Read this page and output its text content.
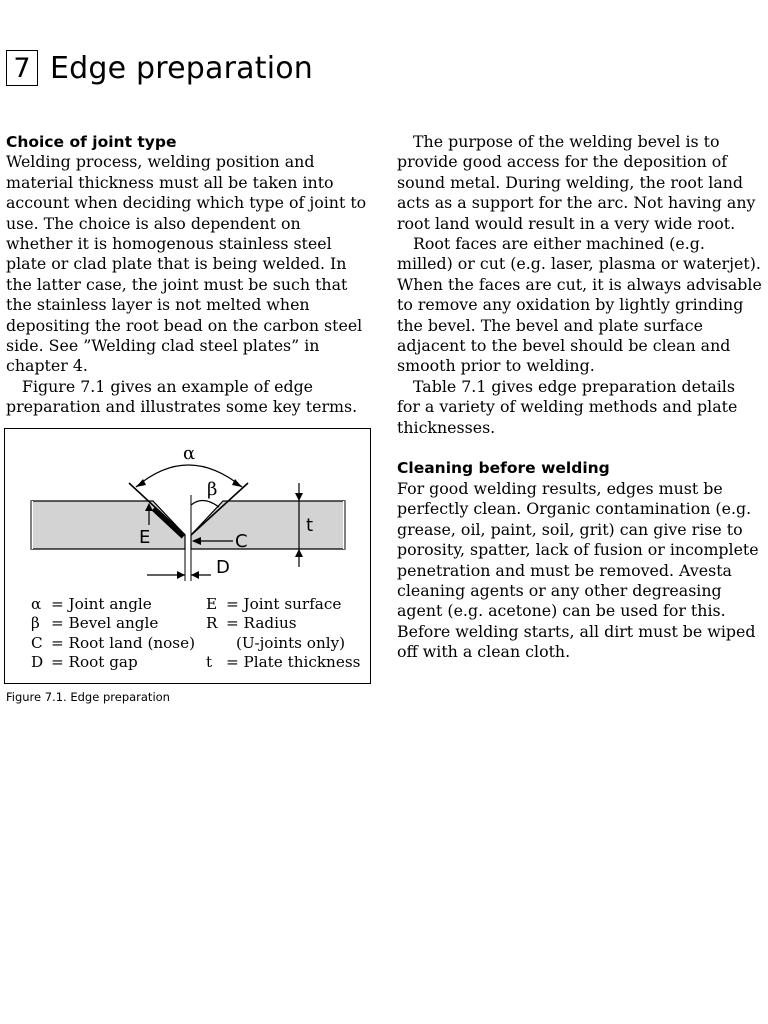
7 Edge preparation

Choice of joint type

Welding process, welding position and material thickness must all be taken into account when deciding which type of joint to use. The choice is also dependent on whether it is homogenous stainless steel plate or clad plate that is being welded. In the latter case, the joint must be such that the stainless layer is not melted when depositing the root bead on the carbon steel side. See ”Welding clad steel plates” in chapter 4.

Figure 7.1 gives an example of edge preparation and illustrates some key terms.

α
β
E	C
D
t
α = Joint angle
β = Bevel angle
C = Root land (nose)
D = Root gap
E = Joint surface
R = Radius
(U-joints only)
t = Plate thickness
Figure 7.1. Edge preparation

The purpose of the welding bevel is to provide good access for the deposition of sound metal. During welding, the root land acts as a support for the arc. Not having any root land would result in a very wide root.

Root faces are either machined (e.g. milled) or cut (e.g. laser, plasma or waterjet). When the faces are cut, it is always advisable to remove any oxidation by lightly grinding the bevel. The bevel and plate surface adjacent to the bevel should be clean and smooth prior to welding.

Table 7.1 gives edge preparation details for a variety of welding methods and plate thicknesses.

Cleaning before welding

For good welding results, edges must be perfectly clean. Organic contamination (e.g. grease, oil, paint, soil, grit) can give rise to porosity, spatter, lack of fusion or incomplete penetration and must be removed. Avesta cleaning agents or any other degreasing agent (e.g. acetone) can be used for this. Before welding starts, all dirt must be wiped off with a clean cloth.
